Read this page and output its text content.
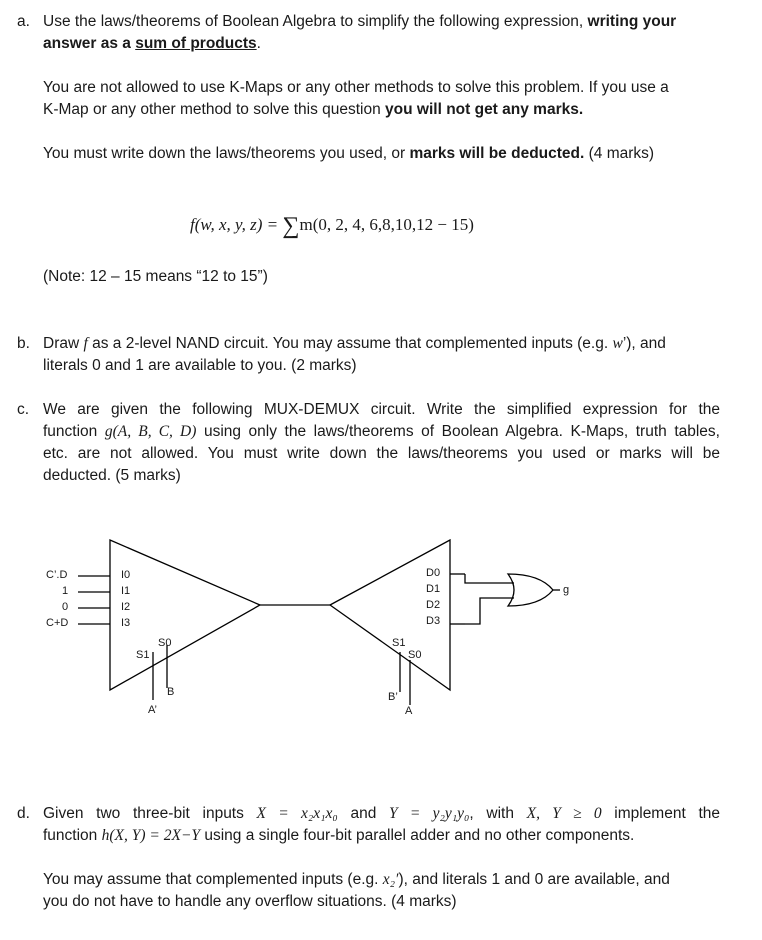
a. Use the laws/theorems of Boolean Algebra to simplify the following expression, writing your
answer as a sum of products.
You are not allowed to use K-Maps or any other methods to solve this problem. If you use a
K-Map or any other method to solve this question you will not get any marks.
You must write down the laws/theorems you used, or marks will be deducted. (4 marks)
f(w, x, y, z) = ∑m(0, 2, 4, 6,8,10,12 − 15)
(Note: 12 – 15 means “12 to 15”)
b. Draw f as a 2-level NAND circuit. You may assume that complemented inputs (e.g. w’), and
literals 0 and 1 are available to you. (2 marks)
c. We are given the following MUX-DEMUX circuit. Write the simplified expression for the
function g(A, B, C, D) using only the laws/theorems of Boolean Algebra. K-Maps, truth tables,
etc. are not allowed. You must write down the laws/theorems you used or marks will be
deducted. (5 marks)
C’.D
1
0
C+D
I0
I1
I2
I3
S1
S0
A’
B
D0
D1
D2
D3
S1
S0
B’
A
g
d. Given two three-bit inputs X = x₂x₁x₀ and Y = y₂y₁y₀, with X, Y ≥ 0 implement the
function h(X, Y) = 2X−Y using a single four-bit parallel adder and no other components.
You may assume that complemented inputs (e.g. x₂′), and literals 1 and 0 are available, and
you do not have to handle any overflow situations. (4 marks)
